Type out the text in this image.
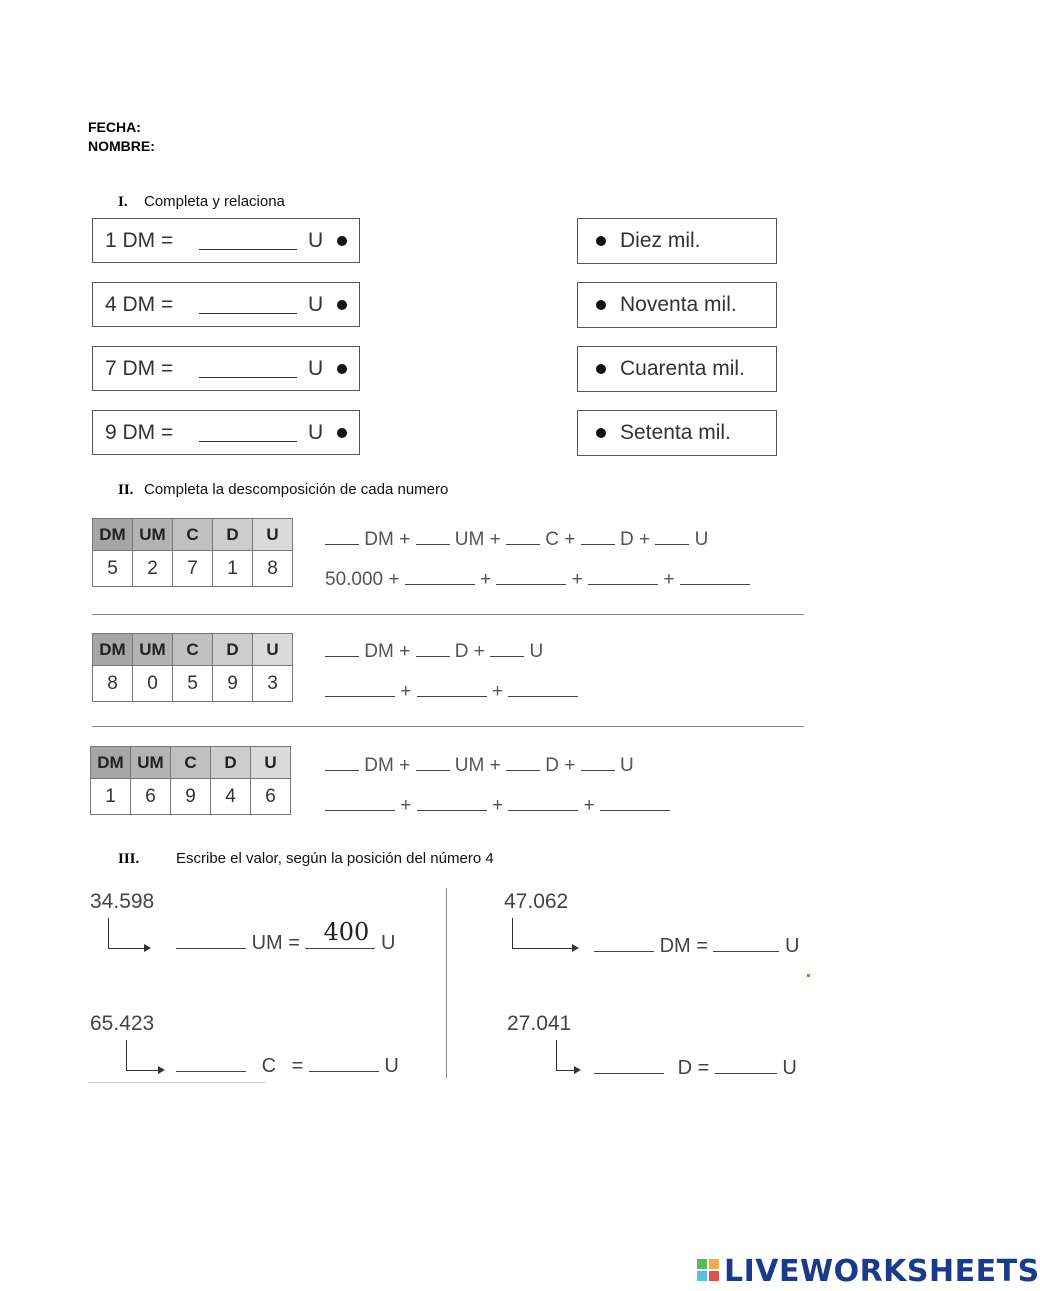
FECHA:
NOMBRE:
I. Completa y relaciona
1 DM =	U
4 DM =	U
7 DM =	U
9 DM =	U
Diez mil.
Noventa mil.
Cuarenta mil.
Setenta mil.
II. Completa la descomposición de cada numero
DM	UM	C	D	U
5	2	7	1	8
DM + UM + C + D + U
50.000 +	+	+	+
DM	UM	C	D	U
8	0	5	9	3
DM + D + U
+	+
DM	UM	C	D	U
1	6	9	4	6
DM + UM + D + U
+	+	+
III. Escribe el valor, según la posición del número 4
34.598
UM = 400 U
47.062
DM =	U
65.423
C =	U
27.041
D =	U
LIVEWORKSHEETS
